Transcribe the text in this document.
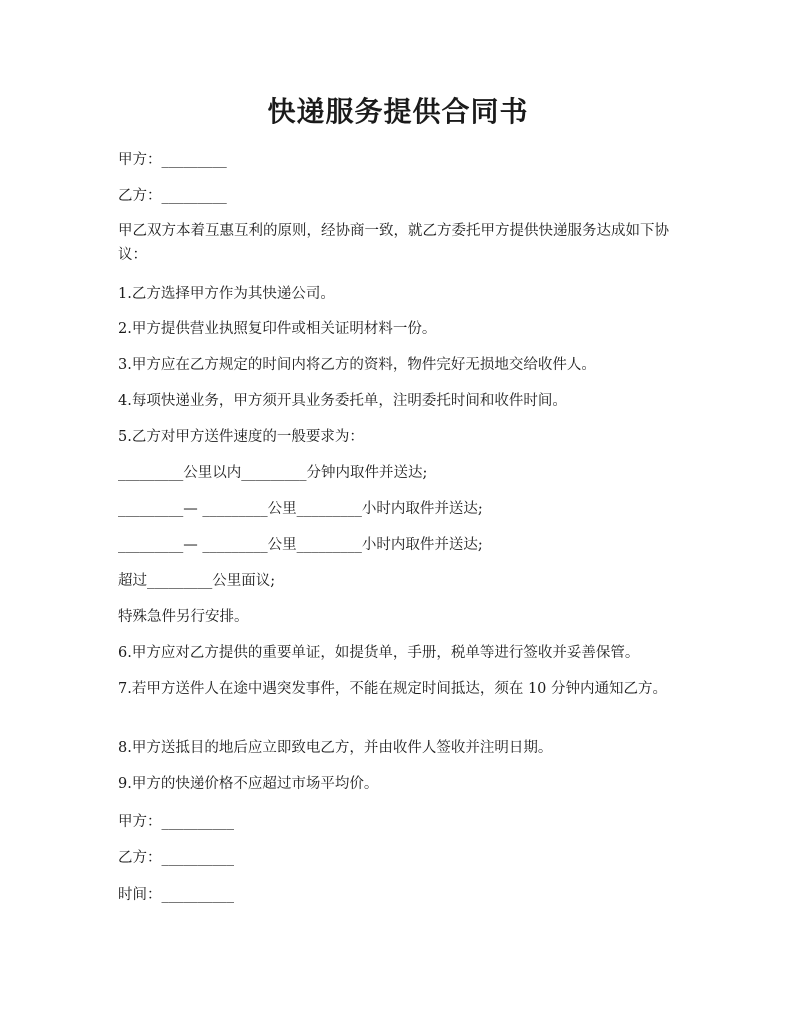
快递服务提供合同书
甲方：_________
乙方：_________
甲乙双方本着互惠互利的原则，经协商一致，就乙方委托甲方提供快递服务达成如下协议：
1.乙方选择甲方作为其快递公司。
2.甲方提供营业执照复印件或相关证明材料一份。
3.甲方应在乙方规定的时间内将乙方的资料，物件完好无损地交给收件人。
4.每项快递业务，甲方须开具业务委托单，注明委托时间和收件时间。
5.乙方对甲方送件速度的一般要求为：
_________公里以内_________分钟内取件并送达;
_________— _________公里_________小时内取件并送达;
_________— _________公里_________小时内取件并送达;
超过_________公里面议;
特殊急件另行安排。
6.甲方应对乙方提供的重要单证，如提货单，手册，税单等进行签收并妥善保管。
7.若甲方送件人在途中遇突发事件，不能在规定时间抵达，须在 10 分钟内通知乙方。
8.甲方送抵目的地后应立即致电乙方，并由收件人签收并注明日期。
9.甲方的快递价格不应超过市场平均价。
甲方：__________
乙方：__________
时间：__________
